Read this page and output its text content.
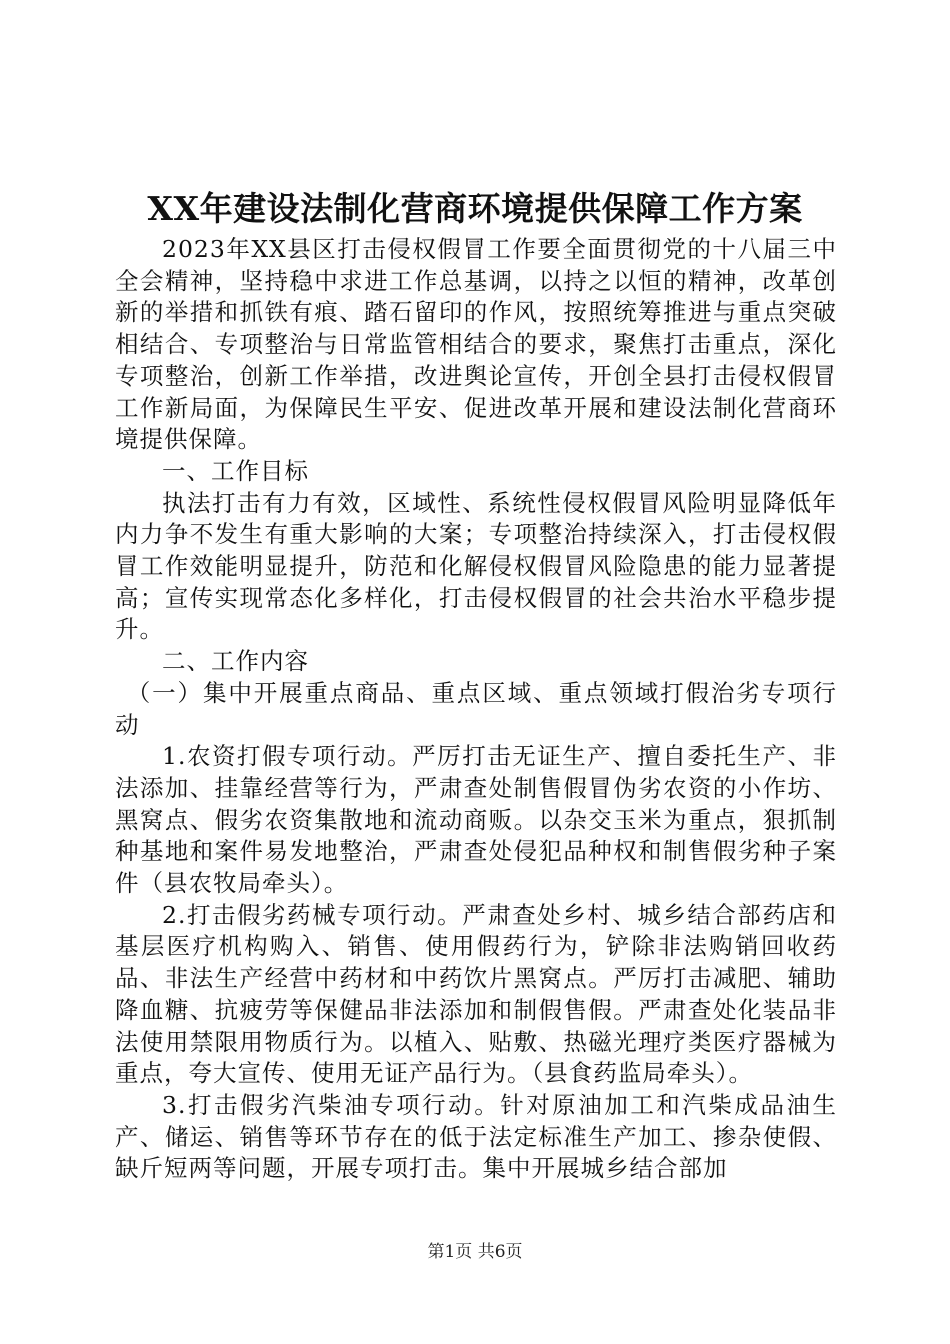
XX年建设法制化营商环境提供保障工作方案

2023年XX县区打击侵权假冒工作要全面贯彻党的十八届三中全会精神，坚持稳中求进工作总基调，以持之以恒的精神，改革创新的举措和抓铁有痕、踏石留印的作风，按照统筹推进与重点突破相结合、专项整治与日常监管相结合的要求，聚焦打击重点，深化专项整治，创新工作举措，改进舆论宣传，开创全县打击侵权假冒工作新局面，为保障民生平安、促进改革开展和建设法制化营商环境提供保障。

一、工作目标

执法打击有力有效，区域性、系统性侵权假冒风险明显降低年内力争不发生有重大影响的大案；专项整治持续深入，打击侵权假冒工作效能明显提升，防范和化解侵权假冒风险隐患的能力显著提高；宣传实现常态化多样化，打击侵权假冒的社会共治水平稳步提升。

二、工作内容

（一）集中开展重点商品、重点区域、重点领域打假治劣专项行动

1.农资打假专项行动。严厉打击无证生产、擅自委托生产、非法添加、挂靠经营等行为，严肃查处制售假冒伪劣农资的小作坊、黑窝点、假劣农资集散地和流动商贩。以杂交玉米为重点，狠抓制种基地和案件易发地整治，严肃查处侵犯品种权和制售假劣种子案件（县农牧局牵头）。

2.打击假劣药械专项行动。严肃查处乡村、城乡结合部药店和基层医疗机构购入、销售、使用假药行为，铲除非法购销回收药品、非法生产经营中药材和中药饮片黑窝点。严厉打击减肥、辅助降血糖、抗疲劳等保健品非法添加和制假售假。严肃查处化装品非法使用禁限用物质行为。以植入、贴敷、热磁光理疗类医疗器械为重点，夸大宣传、使用无证产品行为。（县食药监局牵头）。

3.打击假劣汽柴油专项行动。针对原油加工和汽柴成品油生产、储运、销售等环节存在的低于法定标准生产加工、掺杂使假、缺斤短两等问题，开展专项打击。集中开展城乡结合部加

第1页 共6页
